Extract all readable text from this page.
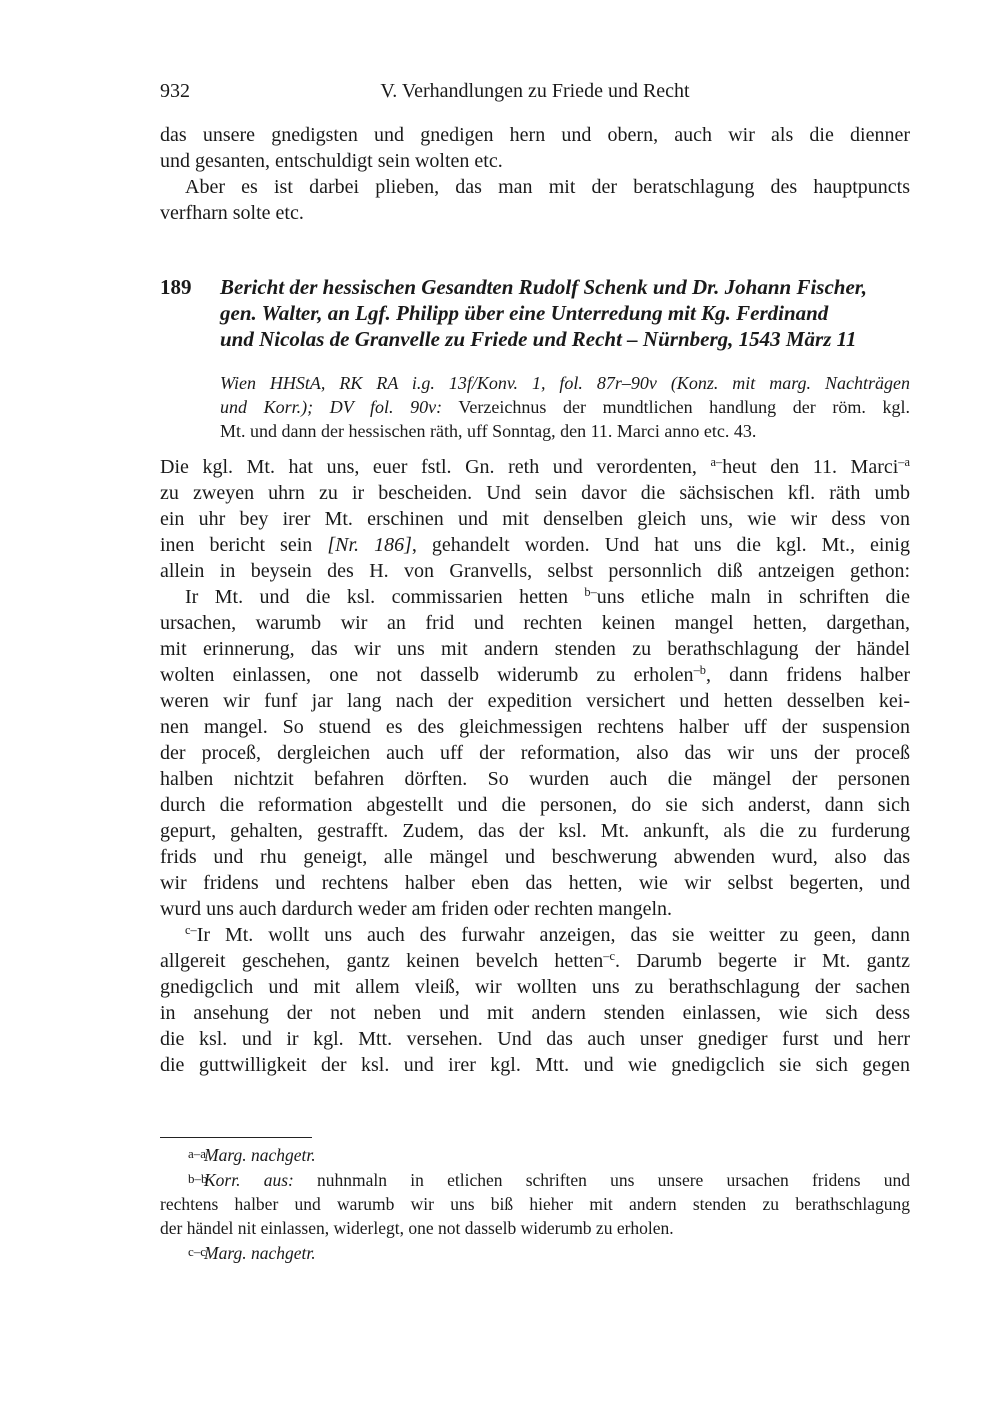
932	V. Verhandlungen zu Friede und Recht
das unsere gnedigsten und gnedigen hern und obern, auch wir als die dienner
und gesanten, entschuldigt sein wolten etc.
Aber es ist darbei plieben, das man mit der beratschlagung des hauptpuncts
verfharn solte etc.
189 Bericht der hessischen Gesandten Rudolf Schenk und Dr. Johann Fischer,
gen. Walter, an Lgf. Philipp über eine Unterredung mit Kg. Ferdinand
und Nicolas de Granvelle zu Friede und Recht – Nürnberg, 1543 März 11
Wien HHStA, RK RA i.g. 13f/Konv. 1, fol. 87r–90v (Konz. mit marg. Nachträgen
und Korr.); DV fol. 90v: Verzeichnus der mundtlichen handlung der röm. kgl.
Mt. und dann der hessischen räth, uff Sonntag, den 11. Marci anno etc. 43.
Die kgl. Mt. hat uns, euer fstl. Gn. reth und verordenten, $^{a-}$heut den 11. Marci$^{-a}$
zu zweyen uhrn zu ir bescheiden. Und sein davor die sächsischen kfl. räth umb
ein uhr bey irer Mt. erschinen und mit denselben gleich uns, wie wir dess von
inen bericht sein [Nr. 186], gehandelt worden. Und hat uns die kgl. Mt., einig
allein in beysein des H. von Granvells, selbst personnlich diß antzeigen gethon:
Ir Mt. und die ksl. commissarien hetten $^{b-}$uns etliche maln in schriften die
ursachen, warumb wir an frid und rechten keinen mangel hetten, dargethan,
mit erinnerung, das wir uns mit andern stenden zu berathschlagung der händel
wolten einlassen, one not dasselb widerumb zu erholen$^{-b}$, dann fridens halber
weren wir funf jar lang nach der expedition versichert und hetten desselben kei-
nen mangel. So stuend es des gleichmessigen rechtens halber uff der suspension
der proceß, dergleichen auch uff der reformation, also das wir uns der proceß
halben nichtzit befahren dörften. So wurden auch die mängel der personen
durch die reformation abgestellt und die personen, do sie sich anderst, dann sich
gepurt, gehalten, gestrafft. Zudem, das der ksl. Mt. ankunft, als die zu furderung
frids und rhu geneigt, alle mängel und beschwerung abwenden wurd, also das
wir fridens und rechtens halber eben das hetten, wie wir selbst begerten, und
wurd uns auch dardurch weder am friden oder rechten mangeln.
$^{c-}$Ir Mt. wollt uns auch des furwahr anzeigen, das sie weitter zu geen, dann
allgereit geschehen, gantz keinen bevelch hetten$^{-c}$. Darumb begerte ir Mt. gantz
gnedigclich und mit allem vleiß, wir wollten uns zu berathschlagung der sachen
in ansehung der not neben und mit andern stenden einlassen, wie sich dess
die ksl. und ir kgl. Mtt. versehen. Und das auch unser gnediger furst und herr
die guttwilligkeit der ksl. und irer kgl. Mtt. und wie gnedigclich sie sich gegen
a–aMarg. nachgetr.
b–bKorr. aus: nuhnmaln in etlichen schriften uns unsere ursachen fridens und
rechtens halber und warumb wir uns biß hieher mit andern stenden zu berathschlagung
der händel nit einlassen, widerlegt, one not dasselb widerumb zu erholen.
c–cMarg. nachgetr.
